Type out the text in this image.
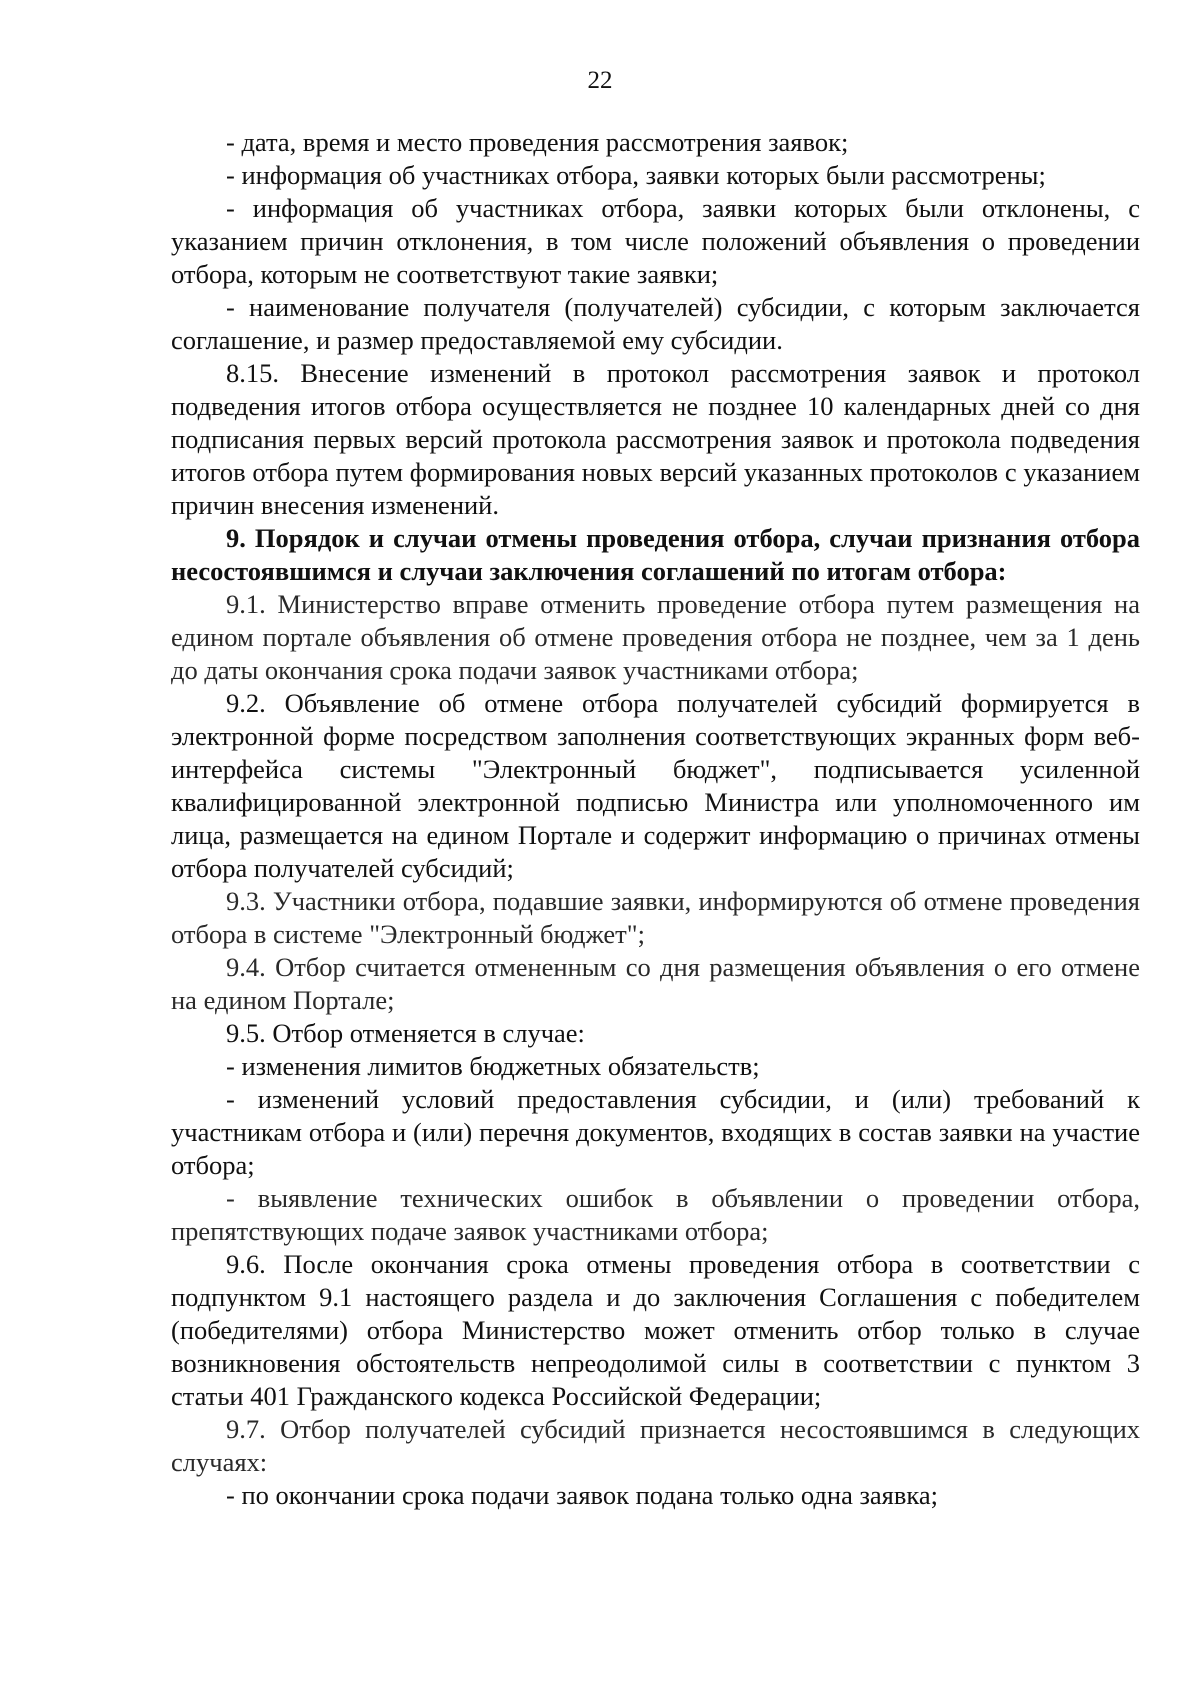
22

- дата, время и место проведения рассмотрения заявок;

- информация об участниках отбора, заявки которых были рассмотрены;

- информация об участниках отбора, заявки которых были отклонены, с указанием причин отклонения, в том числе положений объявления о проведении отбора, которым не соответствуют такие заявки;

- наименование получателя (получателей) субсидии, с которым заключается соглашение, и размер предоставляемой ему субсидии.

8.15. Внесение изменений в протокол рассмотрения заявок и протокол подведения итогов отбора осуществляется не позднее 10 календарных дней со дня подписания первых версий протокола рассмотрения заявок и протокола подведения итогов отбора путем формирования новых версий указанных протоколов с указанием причин внесения изменений.

9. Порядок и случаи отмены проведения отбора, случаи признания отбора несостоявшимся и случаи заключения соглашений по итогам отбора:

9.1. Министерство вправе отменить проведение отбора путем размещения на едином портале объявления об отмене проведения отбора не позднее, чем за 1 день до даты окончания срока подачи заявок участниками отбора;

9.2. Объявление об отмене отбора получателей субсидий формируется в электронной форме посредством заполнения соответствующих экранных форм веб-интерфейса системы "Электронный бюджет", подписывается усиленной квалифицированной электронной подписью Министра или уполномоченного им лица, размещается на едином Портале и содержит информацию о причинах отмены отбора получателей субсидий;

9.3. Участники отбора, подавшие заявки, информируются об отмене проведения отбора в системе "Электронный бюджет";

9.4. Отбор считается отмененным со дня размещения объявления о его отмене на едином Портале;

9.5. Отбор отменяется в случае:

- изменения лимитов бюджетных обязательств;

- изменений условий предоставления субсидии, и (или) требований к участникам отбора и (или) перечня документов, входящих в состав заявки на участие отбора;

- выявление технических ошибок в объявлении о проведении отбора, препятствующих подаче заявок участниками отбора;

9.6. После окончания срока отмены проведения отбора в соответствии с подпунктом 9.1 настоящего раздела и до заключения Соглашения с победителем (победителями) отбора Министерство может отменить отбор только в случае возникновения обстоятельств непреодолимой силы в соответствии с пунктом 3 статьи 401 Гражданского кодекса Российской Федерации;

9.7. Отбор получателей субсидий признается несостоявшимся в следующих случаях:

- по окончании срока подачи заявок подана только одна заявка;
